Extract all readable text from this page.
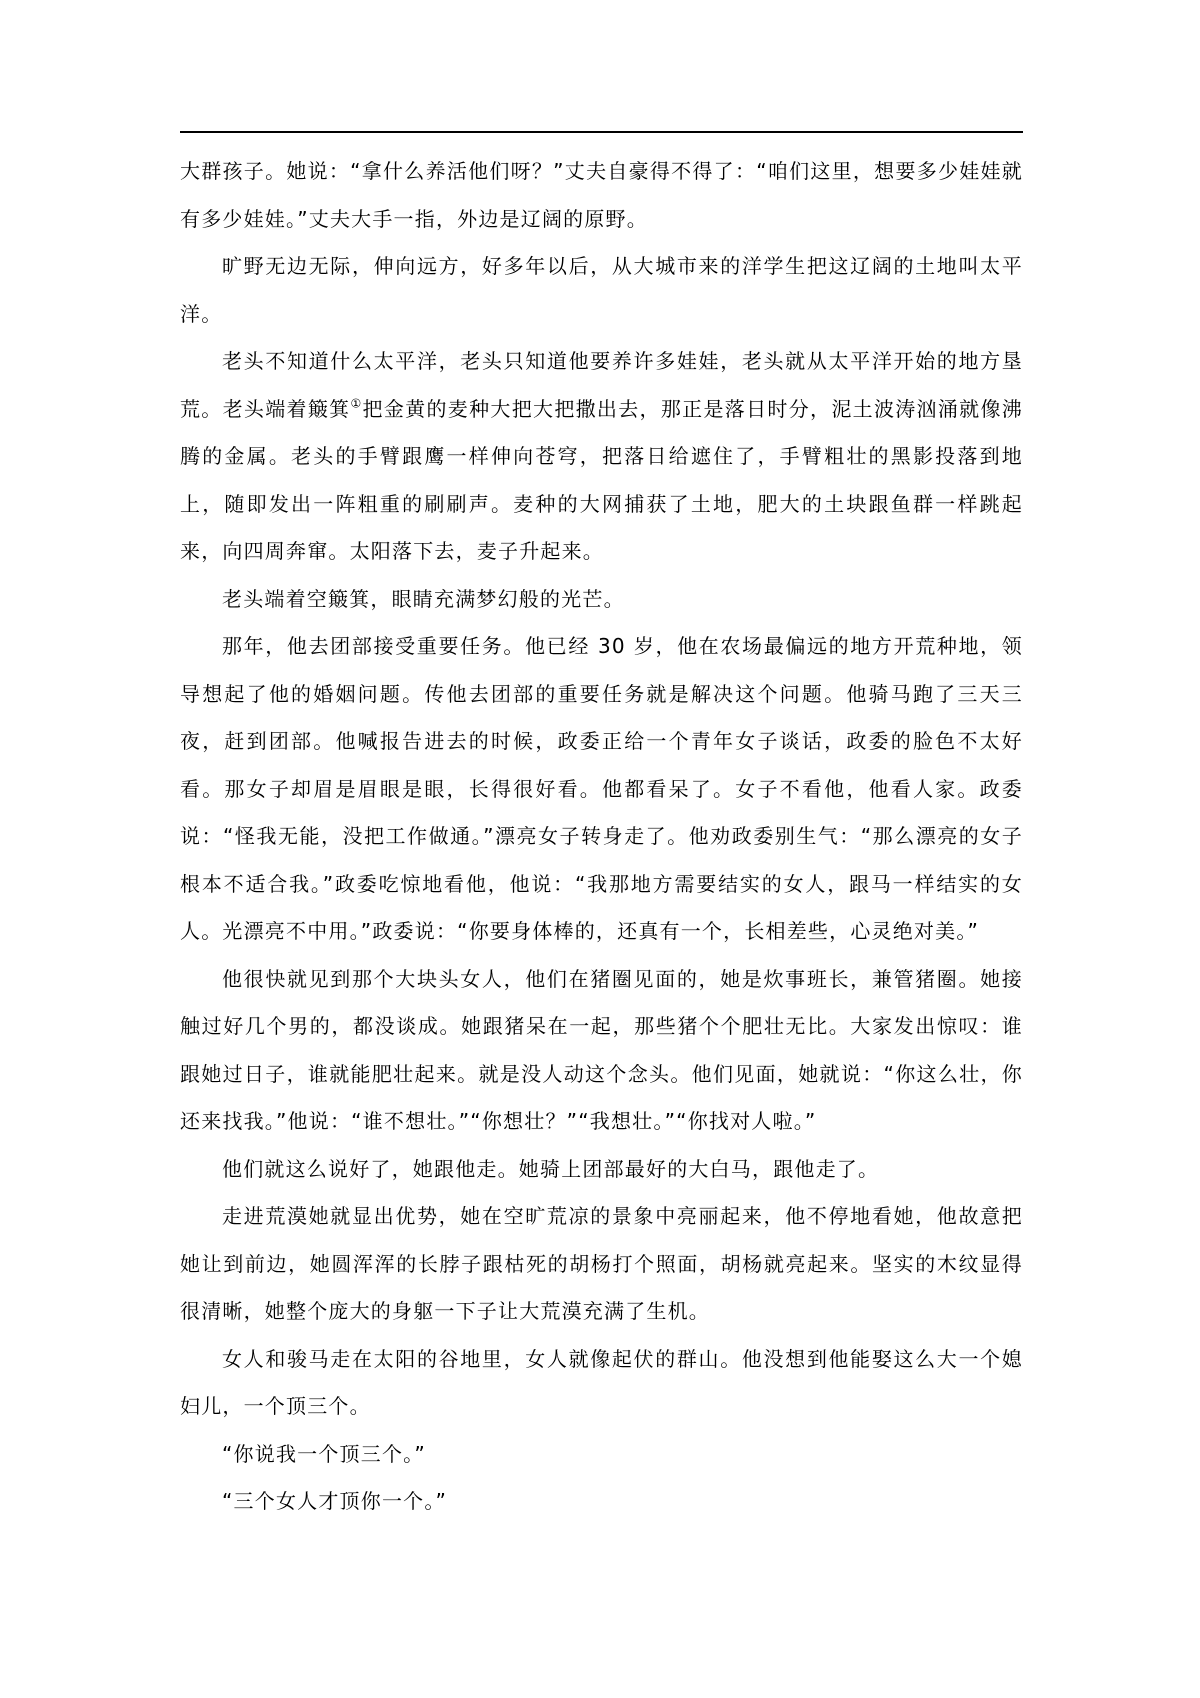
大群孩子。她说：“拿什么养活他们呀？”丈夫自豪得不得了：“咱们这里，想要多少娃娃就有多少娃娃。”丈夫大手一指，外边是辽阔的原野。

旷野无边无际，伸向远方，好多年以后，从大城市来的洋学生把这辽阔的土地叫太平洋。

老头不知道什么太平洋，老头只知道他要养许多娃娃，老头就从太平洋开始的地方垦荒。老头端着簸箕①把金黄的麦种大把大把撒出去，那正是落日时分，泥土波涛汹涌就像沸腾的金属。老头的手臂跟鹰一样伸向苍穹，把落日给遮住了，手臂粗壮的黑影投落到地上，随即发出一阵粗重的刷刷声。麦种的大网捕获了土地，肥大的土块跟鱼群一样跳起来，向四周奔窜。太阳落下去，麦子升起来。

老头端着空簸箕，眼睛充满梦幻般的光芒。

那年，他去团部接受重要任务。他已经 30 岁，他在农场最偏远的地方开荒种地，领导想起了他的婚姻问题。传他去团部的重要任务就是解决这个问题。他骑马跑了三天三夜，赶到团部。他喊报告进去的时候，政委正给一个青年女子谈话，政委的脸色不太好看。那女子却眉是眉眼是眼，长得很好看。他都看呆了。女子不看他，他看人家。政委说：“怪我无能，没把工作做通。”漂亮女子转身走了。他劝政委别生气：“那么漂亮的女子根本不适合我。”政委吃惊地看他，他说：“我那地方需要结实的女人，跟马一样结实的女人。光漂亮不中用。”政委说：“你要身体棒的，还真有一个，长相差些，心灵绝对美。”

他很快就见到那个大块头女人，他们在猪圈见面的，她是炊事班长，兼管猪圈。她接触过好几个男的，都没谈成。她跟猪呆在一起，那些猪个个肥壮无比。大家发出惊叹：谁跟她过日子，谁就能肥壮起来。就是没人动这个念头。他们见面，她就说：“你这么壮，你还来找我。”他说：“谁不想壮。”“你想壮？”“我想壮。”“你找对人啦。”

他们就这么说好了，她跟他走。她骑上团部最好的大白马，跟他走了。

走进荒漠她就显出优势，她在空旷荒凉的景象中亮丽起来，他不停地看她，他故意把她让到前边，她圆浑浑的长脖子跟枯死的胡杨打个照面，胡杨就亮起来。坚实的木纹显得很清晰，她整个庞大的身躯一下子让大荒漠充满了生机。

女人和骏马走在太阳的谷地里，女人就像起伏的群山。他没想到他能娶这么大一个媳妇儿，一个顶三个。

“你说我一个顶三个。”

“三个女人才顶你一个。”
